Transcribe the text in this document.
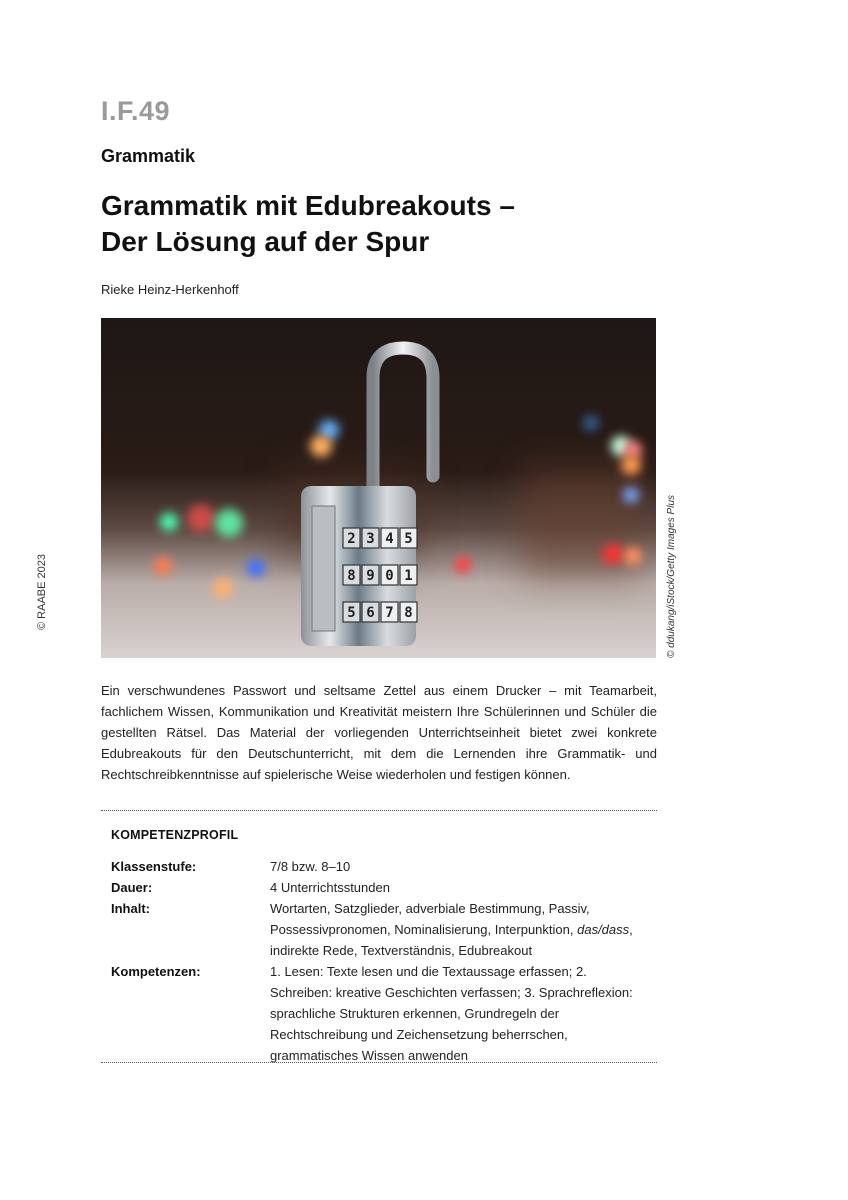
I.F.49
Grammatik
Grammatik mit Edubreakouts –
Der Lösung auf der Spur
Rieke Heinz-Herkenhoff
© RAABE 2023
2 3 4 5
8 9 0 1
5 6 7 8	© ddukang/iStock/Getty Images Plus

Ein verschwundenes Passwort und seltsame Zettel aus einem Drucker – mit Teamarbeit, fachlichem Wissen, Kommunikation und Kreativität meistern Ihre Schülerinnen und Schüler die gestellten Rätsel. Das Material der vorliegenden Unterrichtseinheit bietet zwei konkrete Edubreakouts für den Deutschunterricht, mit dem die Lernenden ihre Grammatik- und Rechtschreibkenntnisse auf spielerische Weise wiederholen und festigen können.

KOMPETENZPROFIL
Klassenstufe:	7/8 bzw. 8–10
Dauer:	4 Unterrichtsstunden
Inhalt:	Wortarten, Satzglieder, adverbiale Bestimmung, Passiv, Possessivpronomen, Nominalisierung, Interpunktion, das/dass, indirekte Rede, Textverständnis, Edubreakout
Kompetenzen:	1. Lesen: Texte lesen und die Textaussage erfassen; 2. Schreiben: kreative Geschichten verfassen; 3. Sprachreflexion: sprachliche Strukturen erkennen, Grundregeln der Rechtschreibung und Zeichensetzung beherrschen, grammatisches Wissen anwenden
